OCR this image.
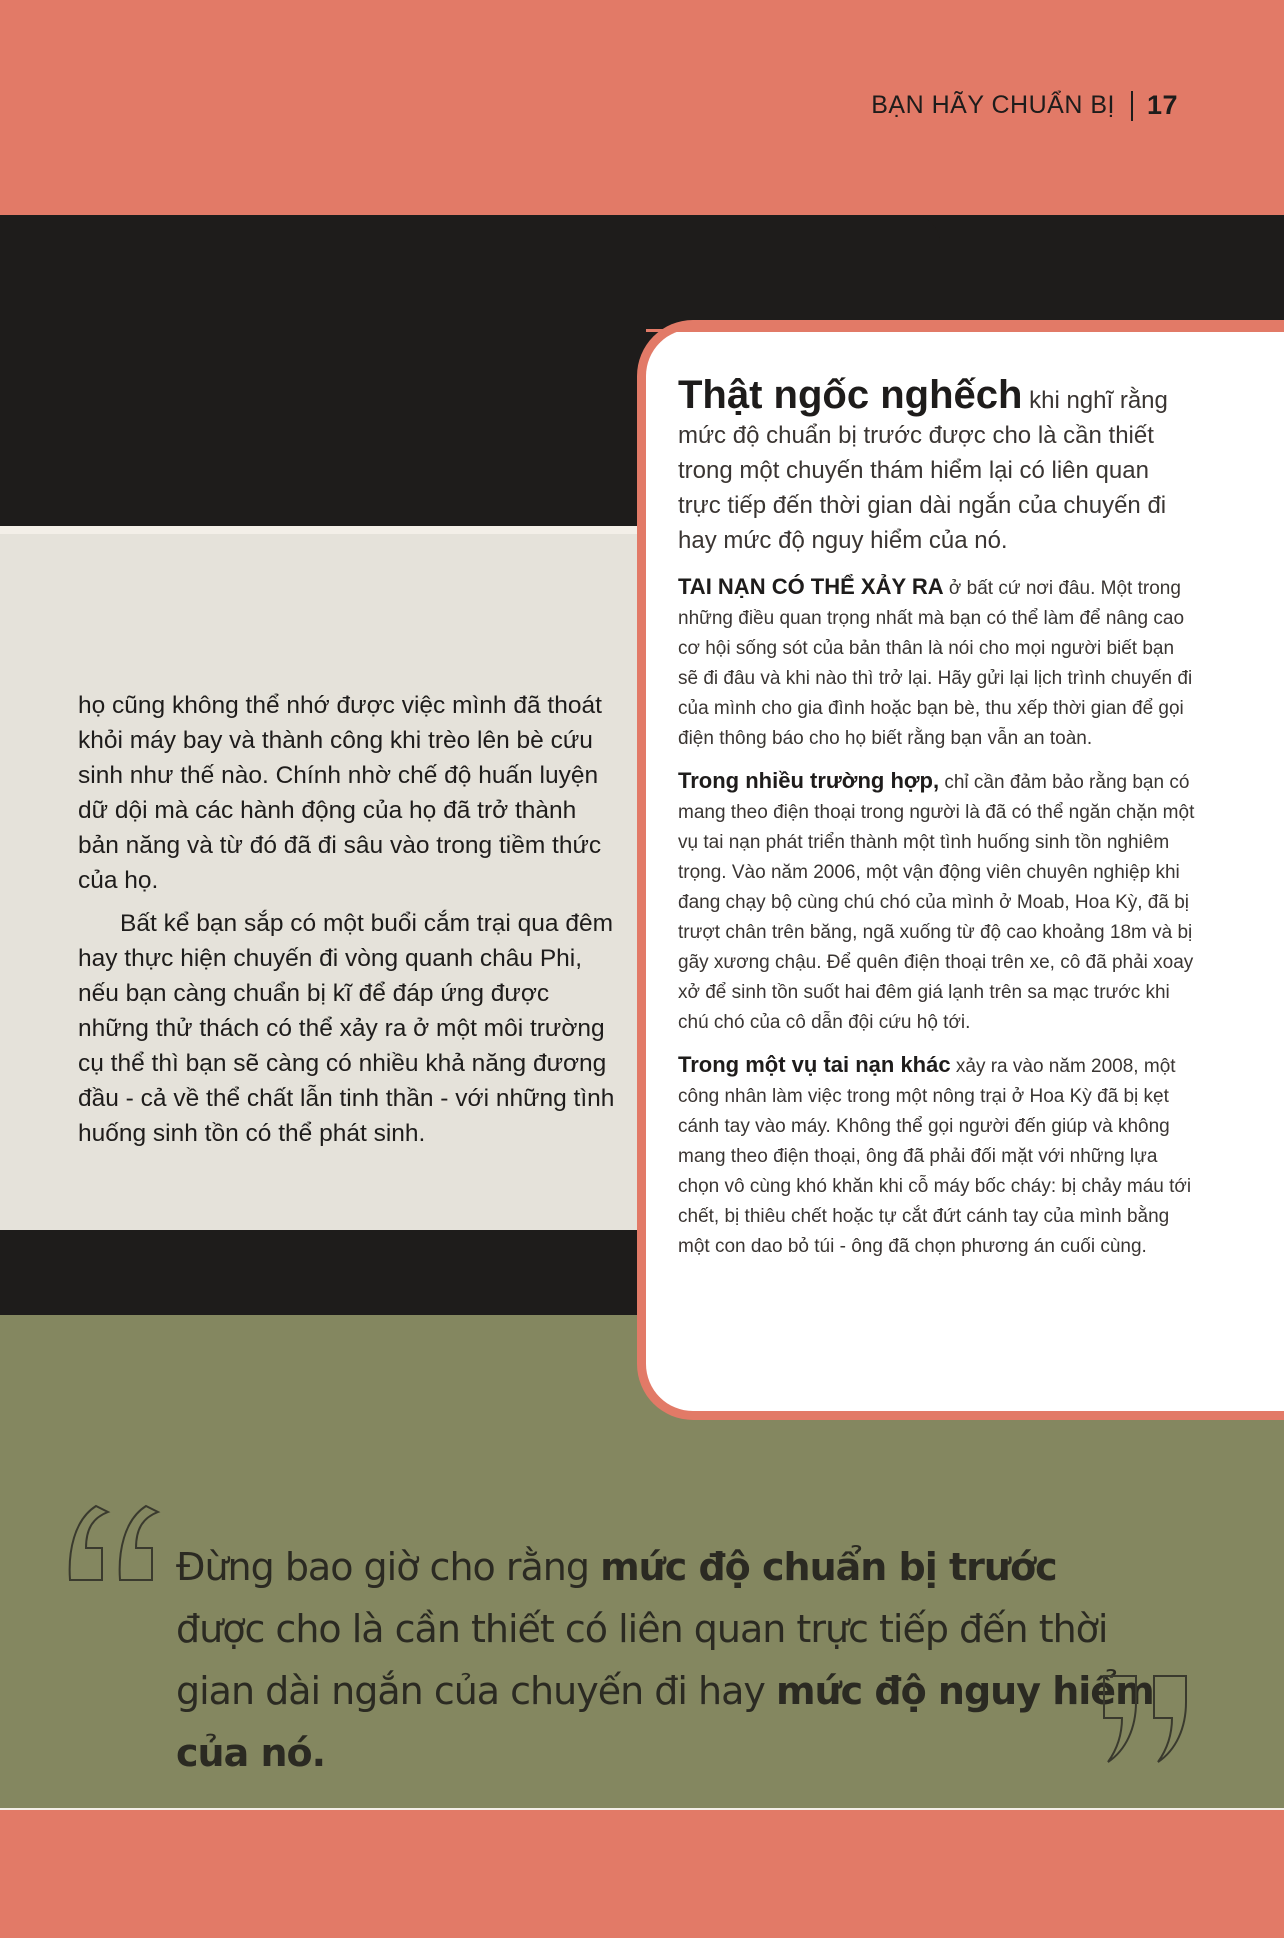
BẠN HÃY CHUẨN BỊ 17

họ cũng không thể nhớ được việc mình đã thoát khỏi máy bay và thành công khi trèo lên bè cứu sinh như thế nào. Chính nhờ chế độ huấn luyện dữ dội mà các hành động của họ đã trở thành bản năng và từ đó đã đi sâu vào trong tiềm thức của họ.

Bất kể bạn sắp có một buổi cắm trại qua đêm hay thực hiện chuyến đi vòng quanh châu Phi, nếu bạn càng chuẩn bị kĩ để đáp ứng được những thử thách có thể xảy ra ở một môi trường cụ thể thì bạn sẽ càng có nhiều khả năng đương đầu - cả về thể chất lẫn tinh thần - với những tình huống sinh tồn có thể phát sinh.

Thật ngốc nghếch khi nghĩ rằng mức độ chuẩn bị trước được cho là cần thiết trong một chuyến thám hiểm lại có liên quan trực tiếp đến thời gian dài ngắn của chuyến đi hay mức độ nguy hiểm của nó.

TAI NẠN CÓ THỂ XẢY RA ở bất cứ nơi đâu. Một trong những điều quan trọng nhất mà bạn có thể làm để nâng cao cơ hội sống sót của bản thân là nói cho mọi người biết bạn sẽ đi đâu và khi nào thì trở lại. Hãy gửi lại lịch trình chuyến đi của mình cho gia đình hoặc bạn bè, thu xếp thời gian để gọi điện thông báo cho họ biết rằng bạn vẫn an toàn.

Trong nhiều trường hợp, chỉ cần đảm bảo rằng bạn có mang theo điện thoại trong người là đã có thể ngăn chặn một vụ tai nạn phát triển thành một tình huống sinh tồn nghiêm trọng. Vào năm 2006, một vận động viên chuyên nghiệp khi đang chạy bộ cùng chú chó của mình ở Moab, Hoa Kỳ, đã bị trượt chân trên băng, ngã xuống từ độ cao khoảng 18m và bị gãy xương chậu. Để quên điện thoại trên xe, cô đã phải xoay xở để sinh tồn suốt hai đêm giá lạnh trên sa mạc trước khi chú chó của cô dẫn đội cứu hộ tới.

Trong một vụ tai nạn khác xảy ra vào năm 2008, một công nhân làm việc trong một nông trại ở Hoa Kỳ đã bị kẹt cánh tay vào máy. Không thể gọi người đến giúp và không mang theo điện thoại, ông đã phải đối mặt với những lựa chọn vô cùng khó khăn khi cỗ máy bốc cháy: bị chảy máu tới chết, bị thiêu chết hoặc tự cắt đứt cánh tay của mình bằng một con dao bỏ túi - ông đã chọn phương án cuối cùng.

Đừng bao giờ cho rằng mức độ chuẩn bị trước được cho là cần thiết có liên quan trực tiếp đến thời gian dài ngắn của chuyến đi hay mức độ nguy hiểm của nó.
